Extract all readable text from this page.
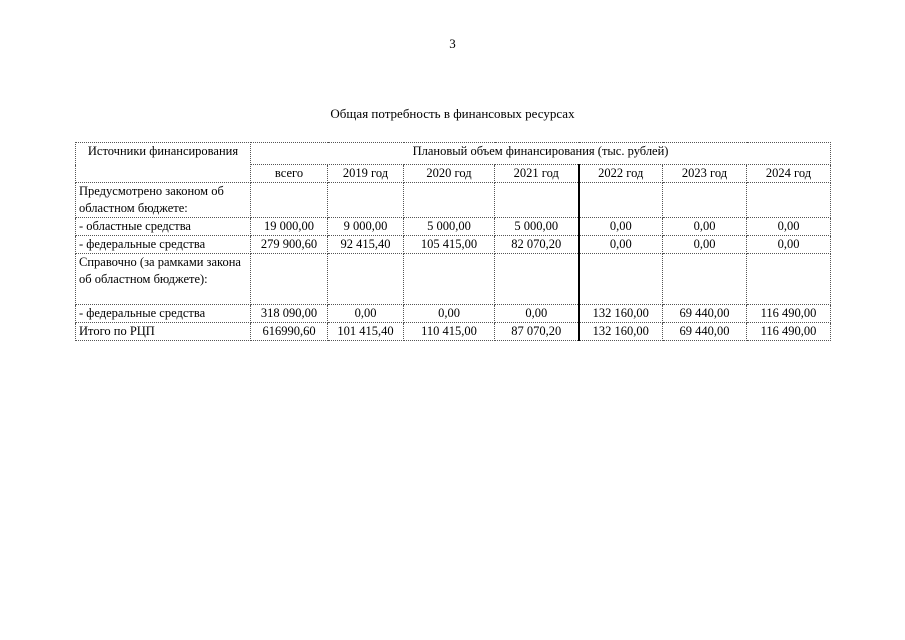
3
Общая потребность в финансовых ресурсах
Источники финансирования	Плановый объем финансирования (тыс. рублей)						
	всего	2019 год	2020 год	2021 год	2022 год	2023 год	2024 год
Предусмотрено законом об областном бюджете:							
- областные средства	19 000,00	9 000,00	5 000,00	5 000,00	0,00	0,00	0,00
- федеральные средства	279 900,60	92 415,40	105 415,00	82 070,20	0,00	0,00	0,00
Справочно (за рамками закона об областном бюджете):							
- федеральные средства	318 090,00	0,00	0,00	0,00	132 160,00	69 440,00	116 490,00
Итого по РЦП	616990,60	101 415,40	110 415,00	87 070,20	132 160,00	69 440,00	116 490,00
